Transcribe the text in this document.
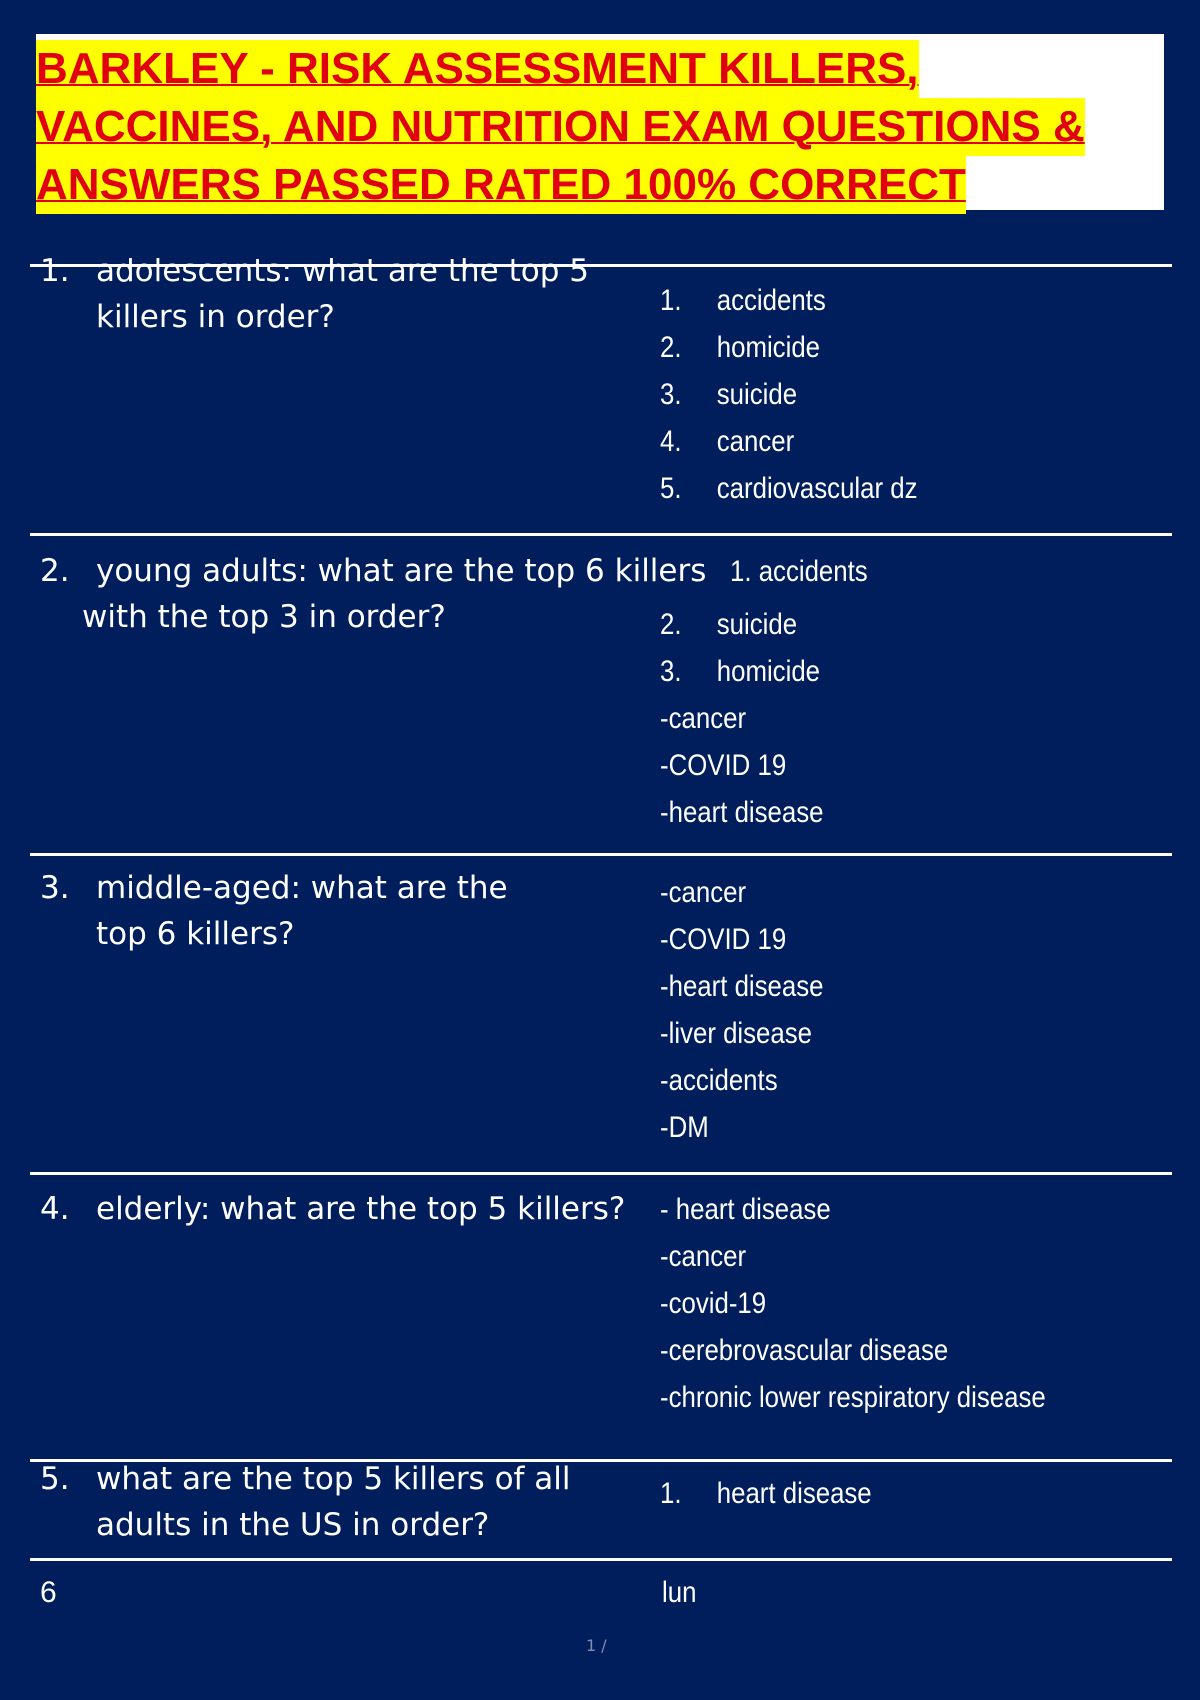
BARKLEY - RISK ASSESSMENT KILLERS,
VACCINES, AND NUTRITION EXAM QUESTIONS &
ANSWERS PASSED RATED 100% CORRECT
1. adolescents: what are the top 5
killers in order?	1. accidents
2. homicide
3. suicide
4. cancer
5. cardiovascular dz
2. young adults: what are the top 6 killers
with the top 3 in order?
1. accidents
2. suicide
3. homicide
-cancer
-COVID 19
-heart disease
3. middle-aged: what are the
top 6 killers?
-cancer
-COVID 19
-heart disease
-liver disease
-accidents
-DM
4. elderly: what are the top 5 killers?	- heart disease
-cancer
-covid-19
-cerebrovascular disease
-chronic lower respiratory disease
5. what are the top 5 killers of all
adults in the US in order?
1. heart disease
6	lun
1 /
